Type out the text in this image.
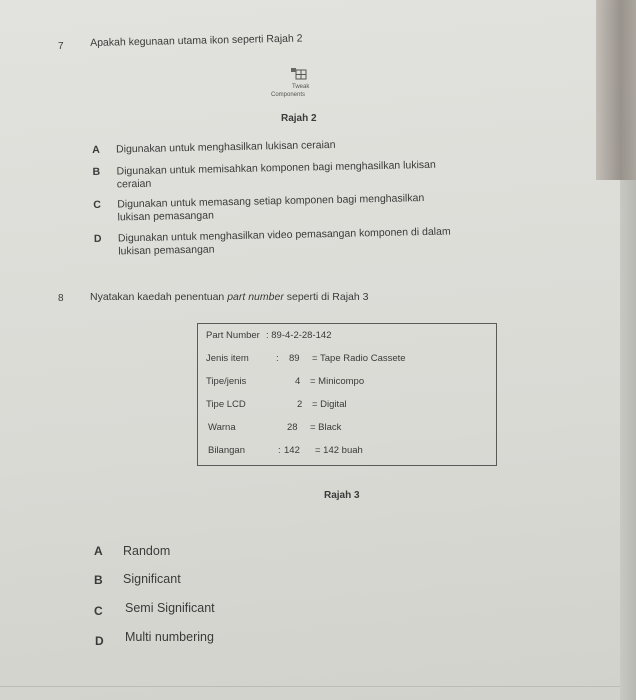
7	Apakah kegunaan utama ikon seperti Rajah 2
Tweak
Components
Rajah 2
A Digunakan untuk menghasilkan lukisan ceraian
B Digunakan untuk memisahkan komponen bagi menghasilkan lukisan
ceraian
C Digunakan untuk memasang setiap komponen bagi menghasilkan
lukisan pemasangan
D Digunakan untuk menghasilkan video pemasangan komponen di dalam
lukisan pemasangan
8	Nyatakan kaedah penentuan part number seperti di Rajah 3
Part Number : 89-4-2-28-142
Jenis item	: 89 = Tape Radio Cassete
Tipe/jenis	4 = Minicompo
Tipe LCD	2 = Digital
Warna	28 = Black
Bilangan	: 142 = 142 buah
Rajah 3
A Random
B Significant
C Semi Significant
D Multi numbering
